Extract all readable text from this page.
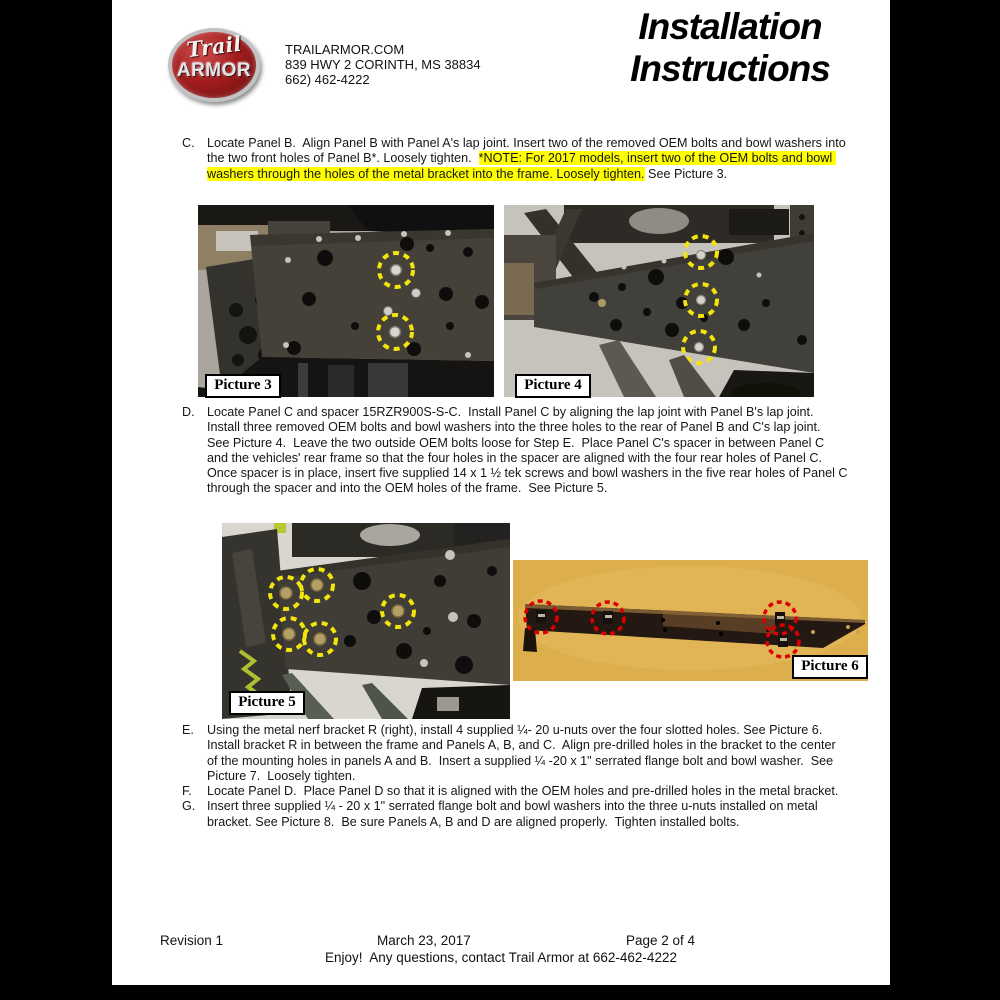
Trail
ARMOR
TRAILARMOR.COM
839 HWY 2 CORINTH, MS 38834
662) 462-4222
Installation
Instructions
C. Locate Panel B.  Align Panel B with Panel A's lap joint. Insert two of the removed OEM bolts and bowl washers into the two front holes of Panel B*. Loosely tighten.  *NOTE: For 2017 models, insert two of the OEM bolts and bowl washers through the holes of the metal bracket into the frame. Loosely tighten. See Picture 3.
Picture 3	Picture 4
D. Locate Panel C and spacer 15RZR900S-S-C.  Install Panel C by aligning the lap joint with Panel B's lap joint.  Install three removed OEM bolts and bowl washers into the three holes to the rear of Panel B and C's lap joint.  See Picture 4.  Leave the two outside OEM bolts loose for Step E.  Place Panel C's spacer in between Panel C and the vehicles' rear frame so that the four holes in the spacer are aligned with the four rear holes of Panel C.  Once spacer is in place, insert five supplied 14 x 1 ½ tek screws and bowl washers in the five rear holes of Panel C through the spacer and into the OEM holes of the frame.  See Picture 5.
Picture 5
Picture 6
E. Using the metal nerf bracket R (right), install 4 supplied ¼- 20 u-nuts over the four slotted holes. See Picture 6.  Install bracket R in between the frame and Panels A, B, and C.  Align pre-drilled holes in the bracket to the center of the mounting holes in panels A and B.  Insert a supplied ¼ -20 x 1" serrated flange bolt and bowl washer.  See Picture 7.  Loosely tighten.
F. Locate Panel D.  Place Panel D so that it is aligned with the OEM holes and pre-drilled holes in the metal bracket.
G. Insert three supplied ¼ - 20 x 1" serrated flange bolt and bowl washers into the three u-nuts installed on metal bracket. See Picture 8.  Be sure Panels A, B and D are aligned properly.  Tighten installed bolts.
Revision 1	March 23, 2017	Page 2 of 4
Enjoy!  Any questions, contact Trail Armor at 662-462-4222
